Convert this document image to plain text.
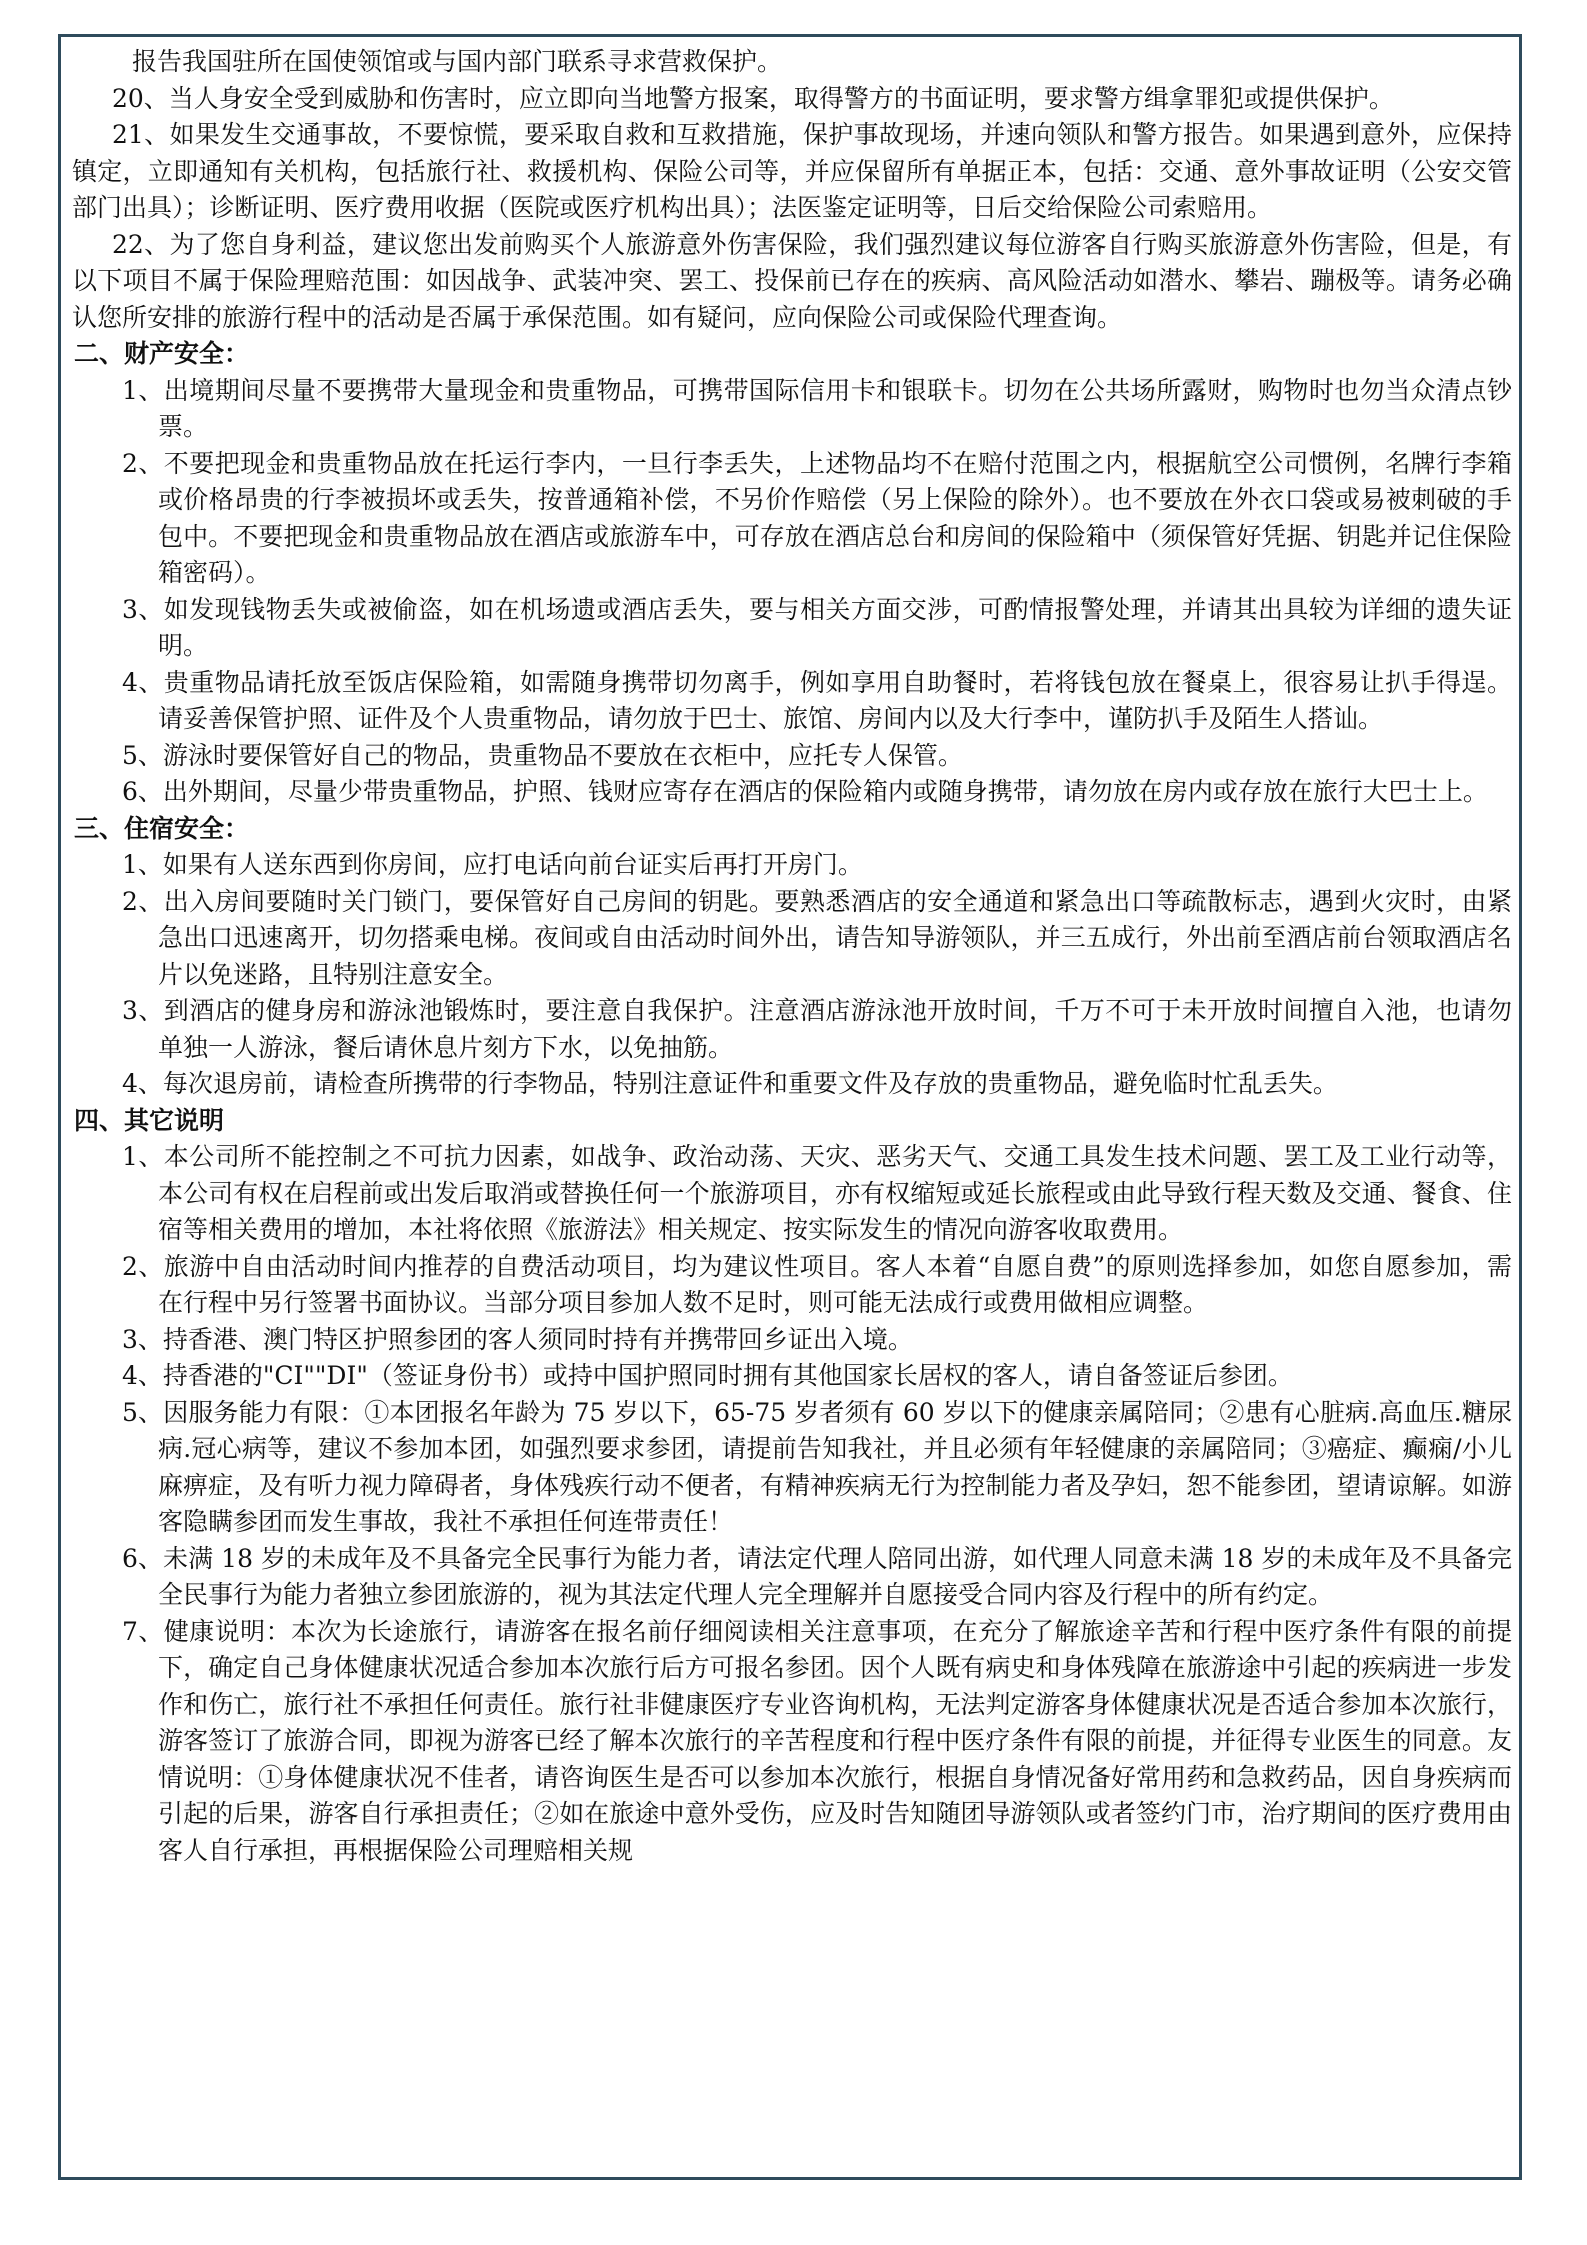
报告我国驻所在国使领馆或与国内部门联系寻求营救保护。

20、当人身安全受到威胁和伤害时，应立即向当地警方报案，取得警方的书面证明，要求警方缉拿罪犯或提供保护。

21、如果发生交通事故，不要惊慌，要采取自救和互救措施，保护事故现场，并速向领队和警方报告。如果遇到意外，应保持镇定，立即通知有关机构，包括旅行社、救援机构、保险公司等，并应保留所有单据正本，包括：交通、意外事故证明（公安交管部门出具）；诊断证明、医疗费用收据（医院或医疗机构出具）；法医鉴定证明等，日后交给保险公司索赔用。

22、为了您自身利益，建议您出发前购买个人旅游意外伤害保险，我们强烈建议每位游客自行购买旅游意外伤害险，但是，有以下项目不属于保险理赔范围：如因战争、武装冲突、罢工、投保前已存在的疾病、高风险活动如潜水、攀岩、蹦极等。请务必确认您所安排的旅游行程中的活动是否属于承保范围。如有疑问，应向保险公司或保险代理查询。

二、财产安全：

1、出境期间尽量不要携带大量现金和贵重物品，可携带国际信用卡和银联卡。切勿在公共场所露财，购物时也勿当众清点钞票。

2、不要把现金和贵重物品放在托运行李内，一旦行李丢失，上述物品均不在赔付范围之内，根据航空公司惯例，名牌行李箱或价格昂贵的行李被损坏或丢失，按普通箱补偿，不另价作赔偿（另上保险的除外）。也不要放在外衣口袋或易被刺破的手包中。不要把现金和贵重物品放在酒店或旅游车中，可存放在酒店总台和房间的保险箱中（须保管好凭据、钥匙并记住保险箱密码）。

3、如发现钱物丢失或被偷盗，如在机场遗或酒店丢失，要与相关方面交涉，可酌情报警处理，并请其出具较为详细的遗失证明。

4、贵重物品请托放至饭店保险箱，如需随身携带切勿离手，例如享用自助餐时，若将钱包放在餐桌上，很容易让扒手得逞。请妥善保管护照、证件及个人贵重物品，请勿放于巴士、旅馆、房间内以及大行李中，谨防扒手及陌生人搭讪。

5、游泳时要保管好自己的物品，贵重物品不要放在衣柜中，应托专人保管。

6、出外期间，尽量少带贵重物品，护照、钱财应寄存在酒店的保险箱内或随身携带，请勿放在房内或存放在旅行大巴士上。

三、住宿安全：

1、如果有人送东西到你房间，应打电话向前台证实后再打开房门。

2、出入房间要随时关门锁门，要保管好自己房间的钥匙。要熟悉酒店的安全通道和紧急出口等疏散标志，遇到火灾时，由紧急出口迅速离开，切勿搭乘电梯。夜间或自由活动时间外出，请告知导游领队，并三五成行，外出前至酒店前台领取酒店名片以免迷路，且特别注意安全。

3、到酒店的健身房和游泳池锻炼时，要注意自我保护。注意酒店游泳池开放时间，千万不可于未开放时间擅自入池，也请勿单独一人游泳，餐后请休息片刻方下水，以免抽筋。

4、每次退房前，请检查所携带的行李物品，特别注意证件和重要文件及存放的贵重物品，避免临时忙乱丢失。

四、其它说明

1、本公司所不能控制之不可抗力因素，如战争、政治动荡、天灾、恶劣天气、交通工具发生技术问题、罢工及工业行动等，本公司有权在启程前或出发后取消或替换任何一个旅游项目，亦有权缩短或延长旅程或由此导致行程天数及交通、餐食、住宿等相关费用的增加，本社将依照《旅游法》相关规定、按实际发生的情况向游客收取费用。

2、旅游中自由活动时间内推荐的自费活动项目，均为建议性项目。客人本着“自愿自费”的原则选择参加，如您自愿参加，需在行程中另行签署书面协议。当部分项目参加人数不足时，则可能无法成行或费用做相应调整。

3、持香港、澳门特区护照参团的客人须同时持有并携带回乡证出入境。

4、持香港的"CI""DI"（签证身份书）或持中国护照同时拥有其他国家长居权的客人，请自备签证后参团。

5、因服务能力有限：①本团报名年龄为 75 岁以下，65-75 岁者须有 60 岁以下的健康亲属陪同；②患有心脏病.高血压.糖尿病.冠心病等，建议不参加本团，如强烈要求参团，请提前告知我社，并且必须有年轻健康的亲属陪同；③癌症、癫痫/小儿麻痹症，及有听力视力障碍者，身体残疾行动不便者，有精神疾病无行为控制能力者及孕妇，恕不能参团，望请谅解。如游客隐瞒参团而发生事故，我社不承担任何连带责任！

6、未满 18 岁的未成年及不具备完全民事行为能力者，请法定代理人陪同出游，如代理人同意未满 18 岁的未成年及不具备完全民事行为能力者独立参团旅游的，视为其法定代理人完全理解并自愿接受合同内容及行程中的所有约定。

7、健康说明：本次为长途旅行，请游客在报名前仔细阅读相关注意事项，在充分了解旅途辛苦和行程中医疗条件有限的前提下，确定自己身体健康状况适合参加本次旅行后方可报名参团。因个人既有病史和身体残障在旅游途中引起的疾病进一步发作和伤亡，旅行社不承担任何责任。旅行社非健康医疗专业咨询机构，无法判定游客身体健康状况是否适合参加本次旅行，游客签订了旅游合同，即视为游客已经了解本次旅行的辛苦程度和行程中医疗条件有限的前提，并征得专业医生的同意。友情说明：①身体健康状况不佳者，请咨询医生是否可以参加本次旅行，根据自身情况备好常用药和急救药品，因自身疾病而引起的后果，游客自行承担责任；②如在旅途中意外受伤，应及时告知随团导游领队或者签约门市，治疗期间的医疗费用由客人自行承担，再根据保险公司理赔相关规
